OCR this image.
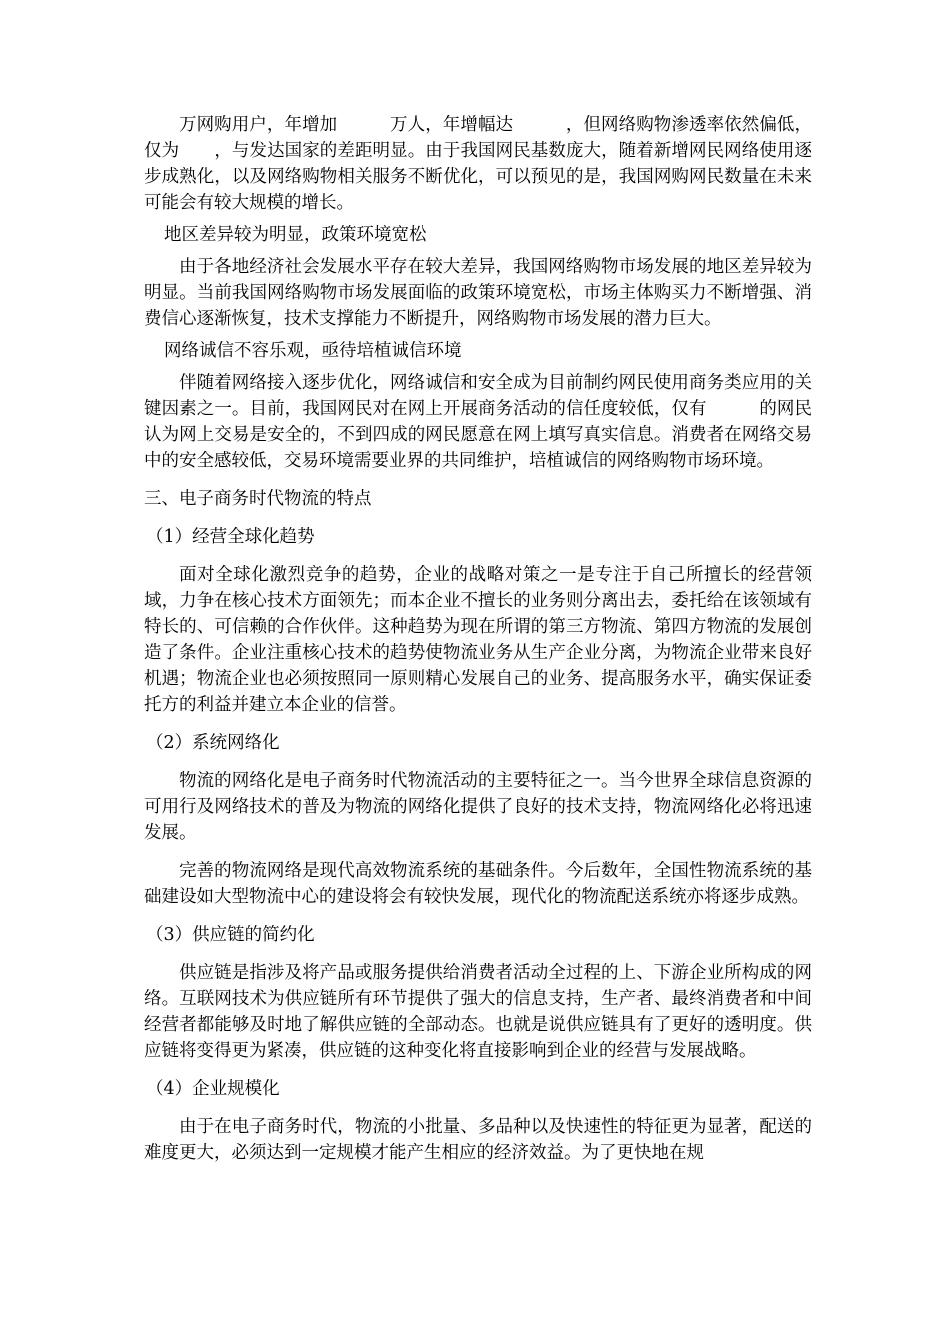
万网购用户，年增加　　　万人，年增幅达　　　，但网络购物渗透率依然偏低，仅为　　，与发达国家的差距明显。由于我国网民基数庞大，随着新增网民网络使用逐步成熟化，以及网络购物相关服务不断优化，可以预见的是，我国网购网民数量在未来可能会有较大规模的增长。

地区差异较为明显，政策环境宽松

由于各地经济社会发展水平存在较大差异，我国网络购物市场发展的地区差异较为明显。当前我国网络购物市场发展面临的政策环境宽松，市场主体购买力不断增强、消费信心逐渐恢复，技术支撑能力不断提升，网络购物市场发展的潜力巨大。

网络诚信不容乐观，亟待培植诚信环境

伴随着网络接入逐步优化，网络诚信和安全成为目前制约网民使用商务类应用的关键因素之一。目前，我国网民对在网上开展商务活动的信任度较低，仅有　　　的网民认为网上交易是安全的，不到四成的网民愿意在网上填写真实信息。消费者在网络交易中的安全感较低，交易环境需要业界的共同维护，培植诚信的网络购物市场环境。

三、电子商务时代物流的特点

（1）经营全球化趋势

面对全球化激烈竞争的趋势，企业的战略对策之一是专注于自己所擅长的经营领域，力争在核心技术方面领先；而本企业不擅长的业务则分离出去，委托给在该领域有特长的、可信赖的合作伙伴。这种趋势为现在所谓的第三方物流、第四方物流的发展创造了条件。企业注重核心技术的趋势使物流业务从生产企业分离，为物流企业带来良好机遇；物流企业也必须按照同一原则精心发展自己的业务、提高服务水平，确实保证委托方的利益并建立本企业的信誉。

（2）系统网络化

物流的网络化是电子商务时代物流活动的主要特征之一。当今世界全球信息资源的可用行及网络技术的普及为物流的网络化提供了良好的技术支持，物流网络化必将迅速发展。

完善的物流网络是现代高效物流系统的基础条件。今后数年，全国性物流系统的基础建设如大型物流中心的建设将会有较快发展，现代化的物流配送系统亦将逐步成熟。

（3）供应链的简约化

供应链是指涉及将产品或服务提供给消费者活动全过程的上、下游企业所构成的网络。互联网技术为供应链所有环节提供了强大的信息支持，生产者、最终消费者和中间经营者都能够及时地了解供应链的全部动态。也就是说供应链具有了更好的透明度。供应链将变得更为紧凑，供应链的这种变化将直接影响到企业的经营与发展战略。

（4）企业规模化

由于在电子商务时代，物流的小批量、多品种以及快速性的特征更为显著，配送的难度更大，必须达到一定规模才能产生相应的经济效益。为了更快地在规
